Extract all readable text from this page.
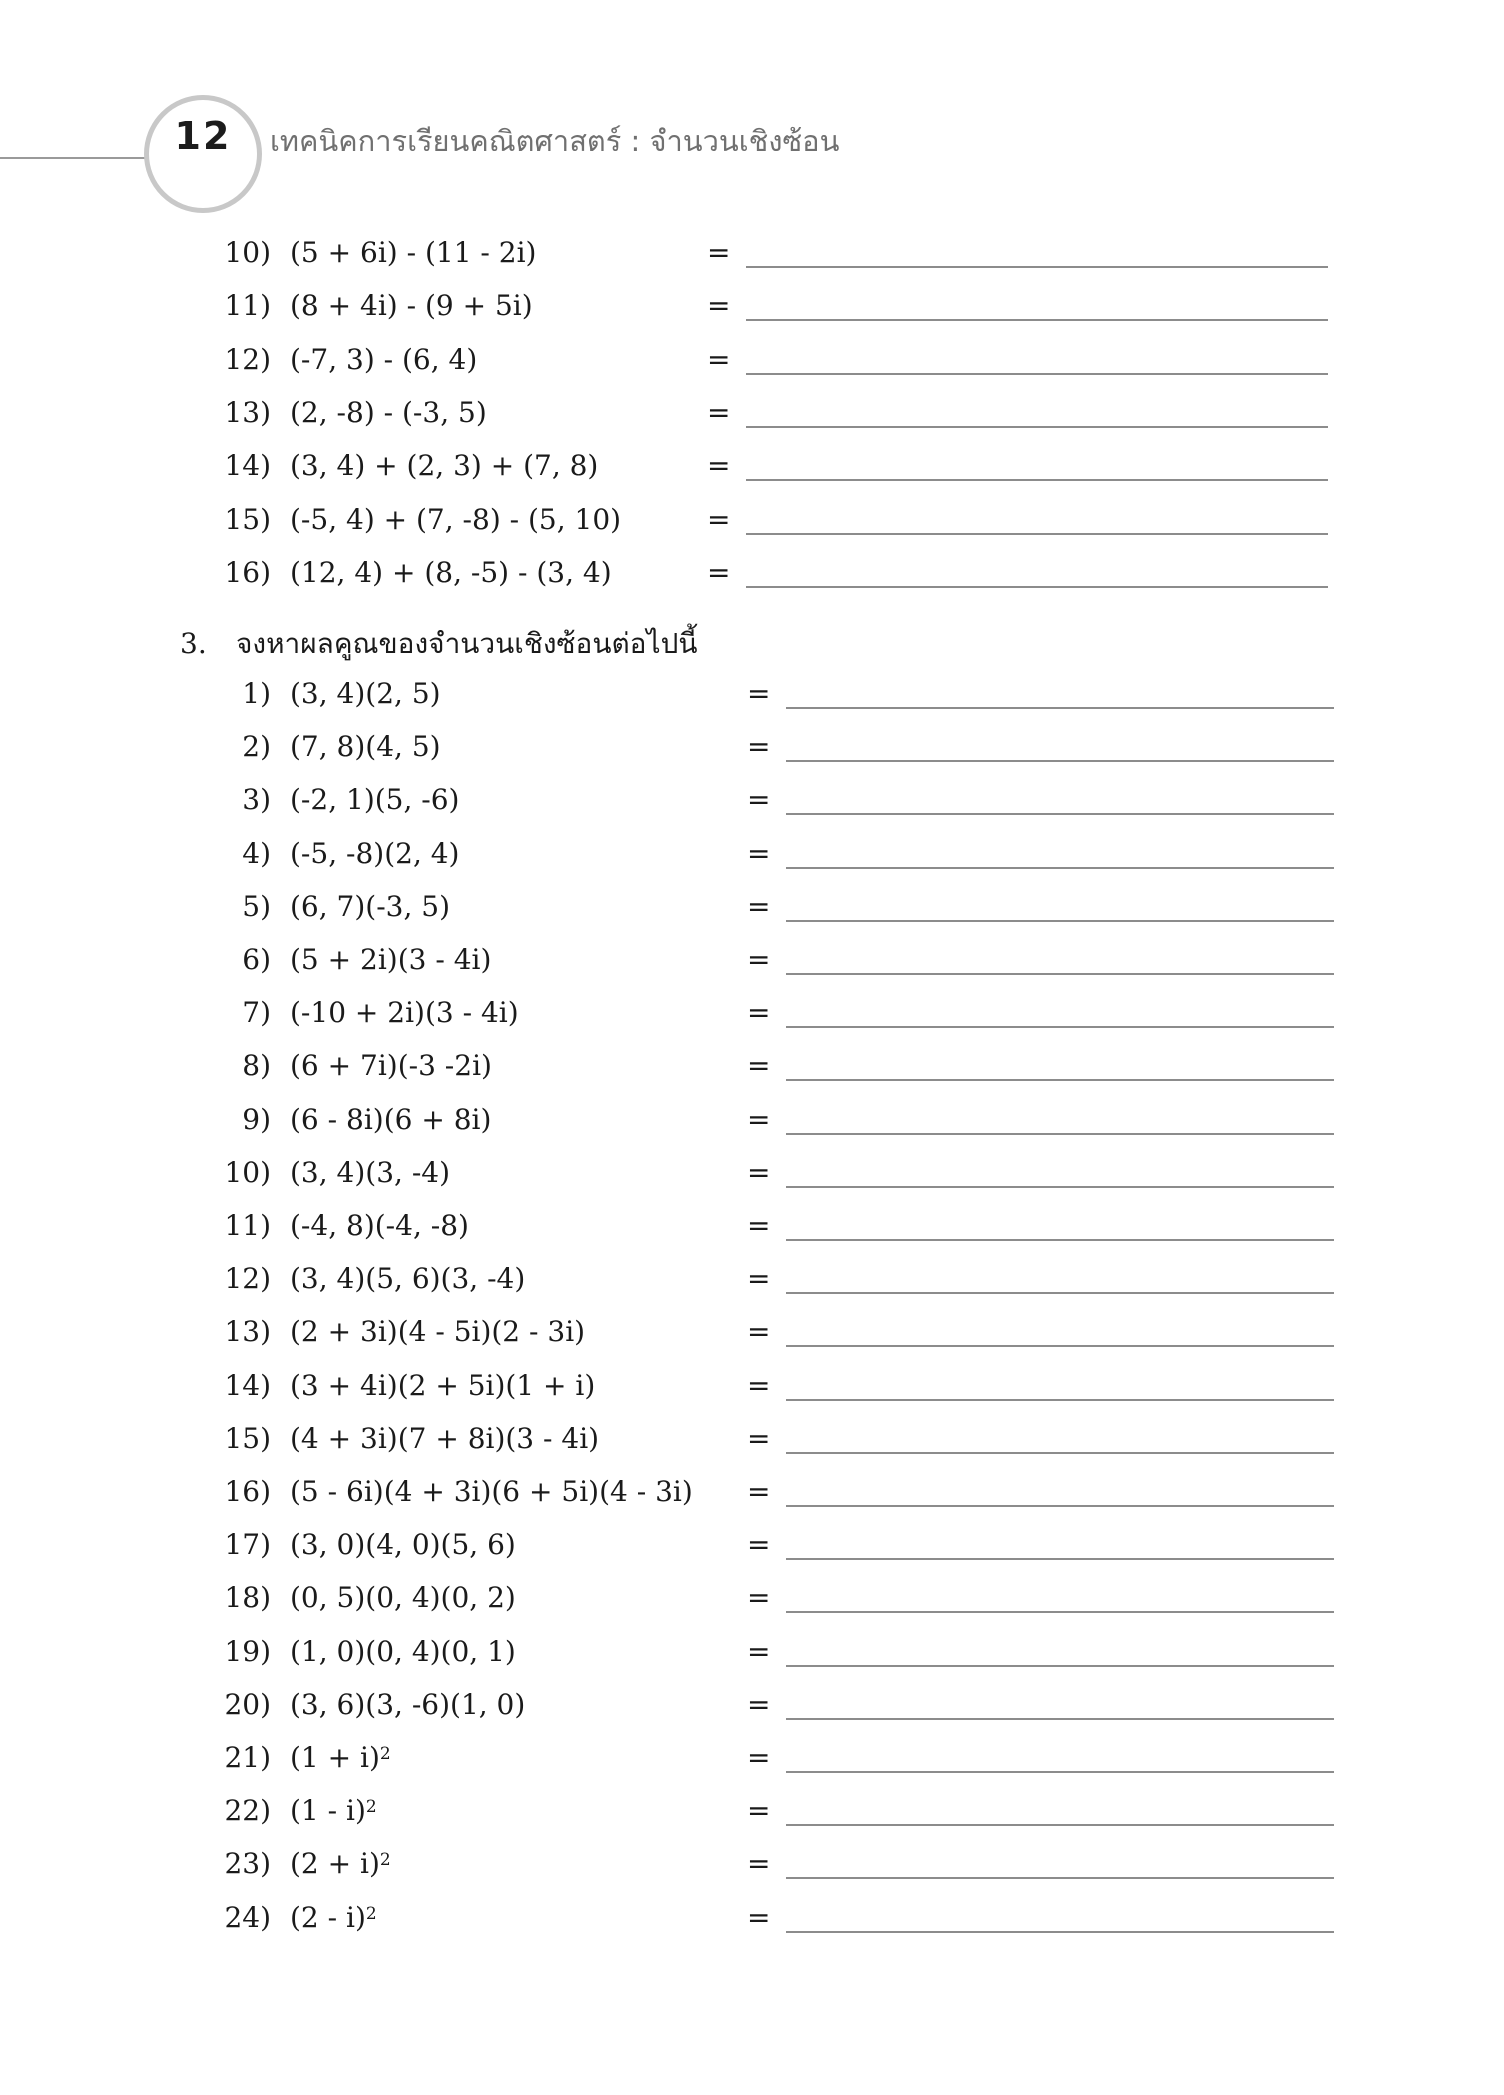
12	เทคนิคการเรียนคณิตศาสตร์ : จำนวนเชิงซ้อน
10) (5 + 6i) - (11 - 2i)	=
11) (8 + 4i) - (9 + 5i)	=
12) (-7, 3) - (6, 4)	=
13) (2, -8) - (-3, 5)	=
14) (3, 4) + (2, 3) + (7, 8)	=
15) (-5, 4) + (7, -8) - (5, 10)	=
16) (12, 4) + (8, -5) - (3, 4)	=
3. จงหาผลคูณของจำนวนเชิงซ้อนต่อไปนี้
1) (3, 4)(2, 5)	=
2) (7, 8)(4, 5)	=
3) (-2, 1)(5, -6)	=
4) (-5, -8)(2, 4)	=
5) (6, 7)(-3, 5)	=
6) (5 + 2i)(3 - 4i)	=
7) (-10 + 2i)(3 - 4i)	=
8) (6 + 7i)(-3 -2i)	=
9) (6 - 8i)(6 + 8i)	=
10) (3, 4)(3, -4)	=
11) (-4, 8)(-4, -8)	=
12) (3, 4)(5, 6)(3, -4)	=
13) (2 + 3i)(4 - 5i)(2 - 3i)	=
14) (3 + 4i)(2 + 5i)(1 + i)	=
15) (4 + 3i)(7 + 8i)(3 - 4i)	=
16) (5 - 6i)(4 + 3i)(6 + 5i)(4 - 3i) =
17) (3, 0)(4, 0)(5, 6)	=
18) (0, 5)(0, 4)(0, 2)	=
19) (1, 0)(0, 4)(0, 1)	=
20) (3, 6)(3, -6)(1, 0)	=
21) $(1 + i)^2$	=
22) (1 - i)$^2$	=
23) $(2 + i)^2$	=
24) (2 - i)$^2$	=
